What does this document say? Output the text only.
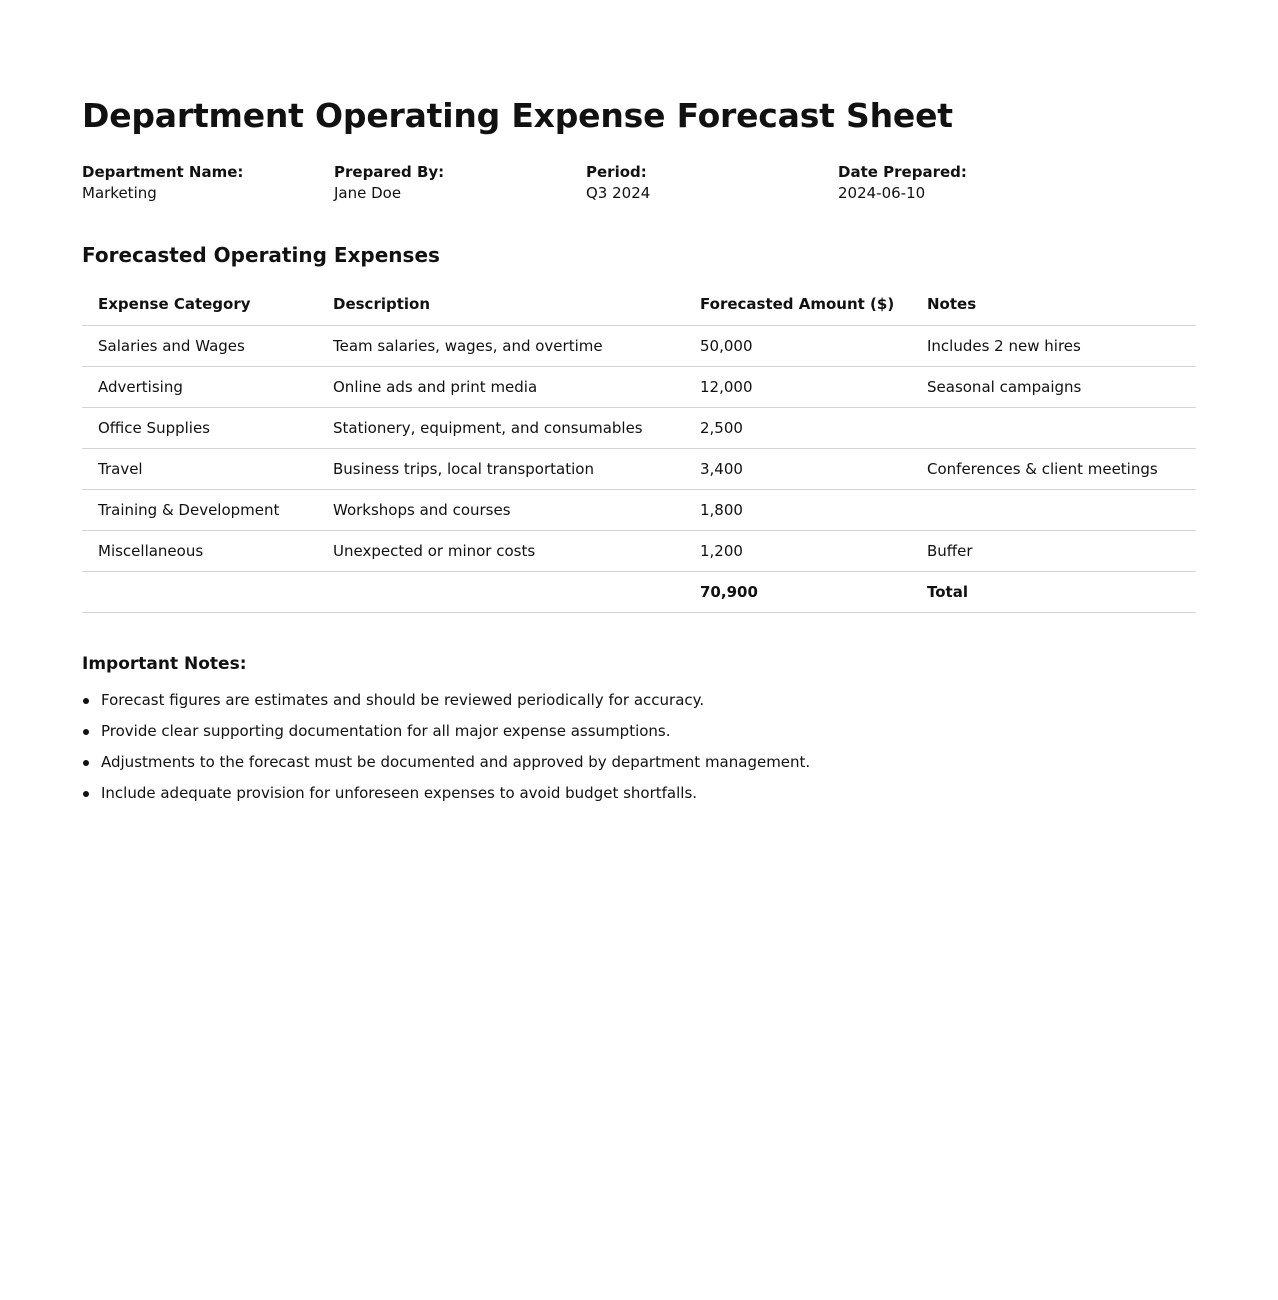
Department Operating Expense Forecast Sheet
Department Name:
Marketing
Prepared By:
Jane Doe
Period:
Q3 2024
Date Prepared:
2024-06-10
Forecasted Operating Expenses
Expense Category	Description	Forecasted Amount ($)	Notes
Salaries and Wages	Team salaries, wages, and overtime	50,000	Includes 2 new hires
Advertising	Online ads and print media	12,000	Seasonal campaigns
Office Supplies	Stationery, equipment, and consumables	2,500	
Travel	Business trips, local transportation	3,400	Conferences & client meetings
Training & Development	Workshops and courses	1,800	
Miscellaneous	Unexpected or minor costs	1,200	Buffer
		70,900	Total
Important Notes:
Forecast figures are estimates and should be reviewed periodically for accuracy.
Provide clear supporting documentation for all major expense assumptions.
Adjustments to the forecast must be documented and approved by department management.
Include adequate provision for unforeseen expenses to avoid budget shortfalls.
